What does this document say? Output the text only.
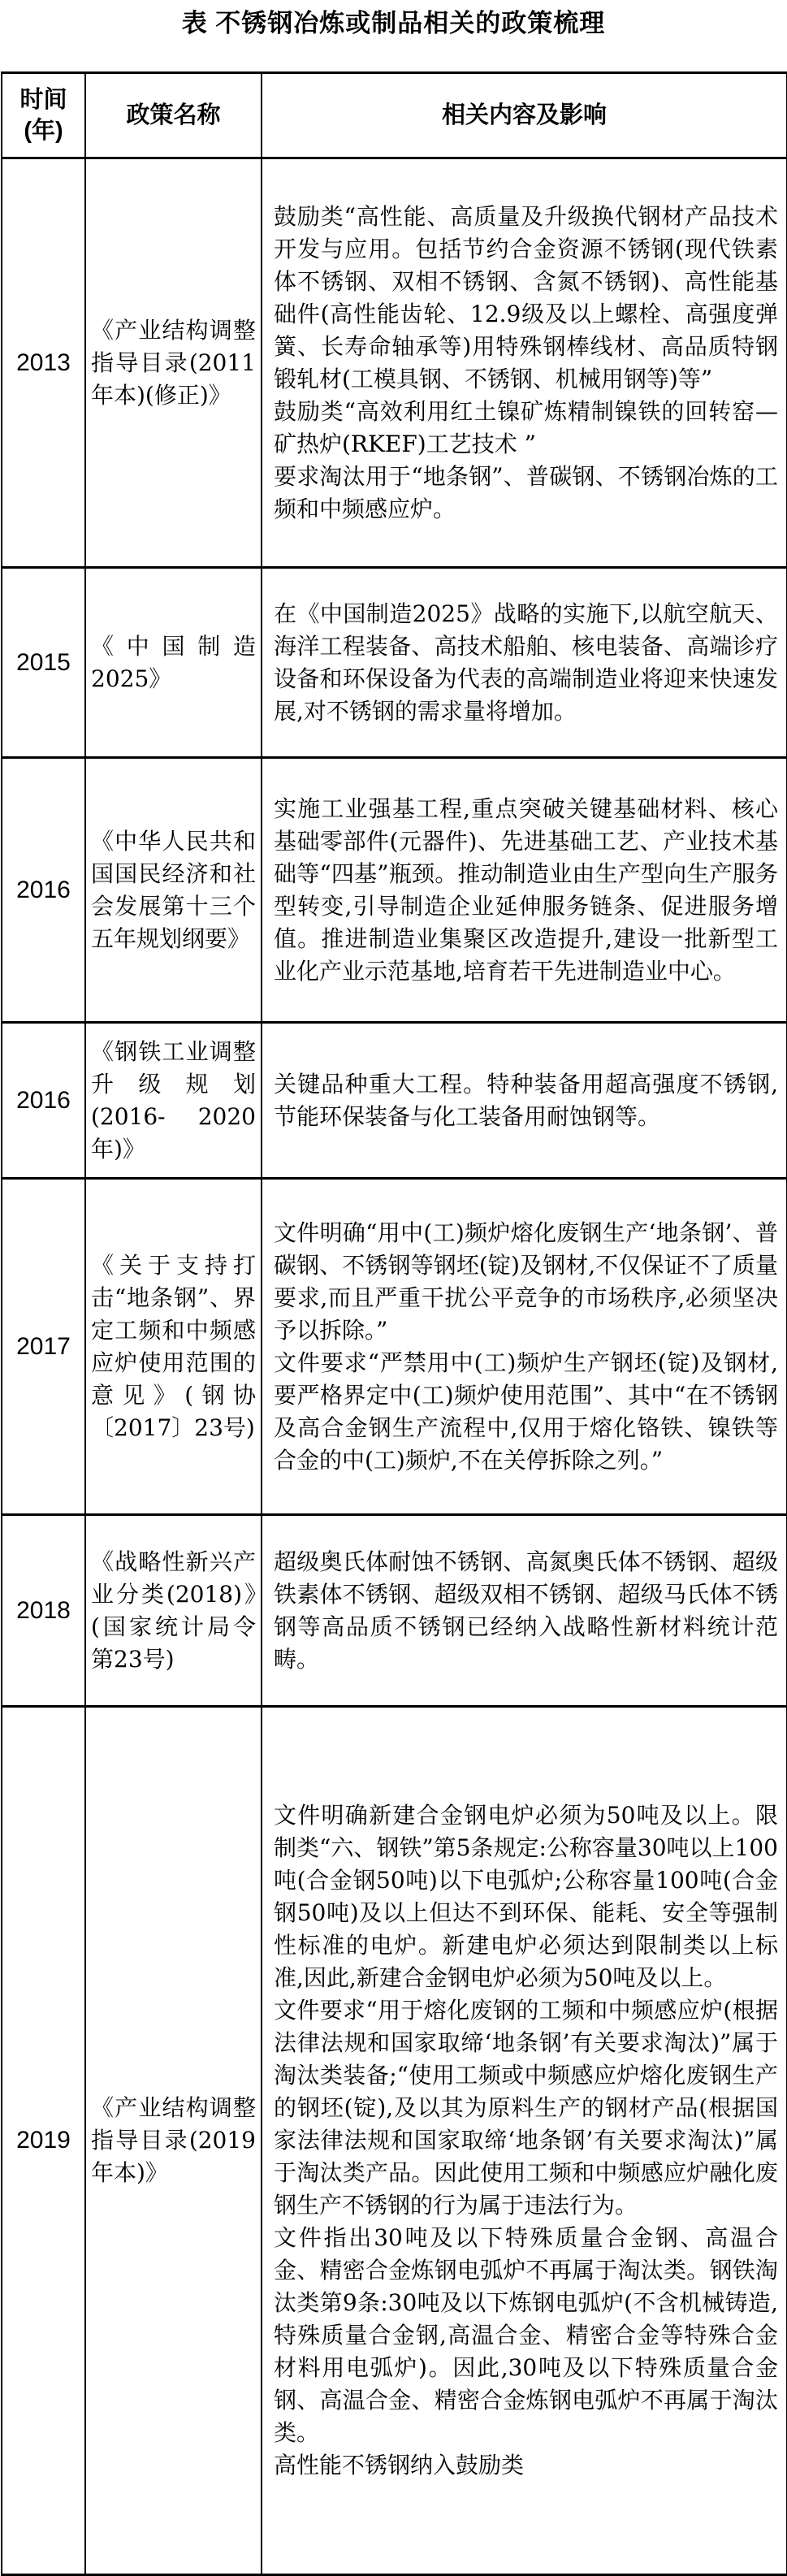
表 不锈钢冶炼或制品相关的政策梳理
时间
(年)	政策名称	相关内容及影响
2013	《产业结构调整指导目录(2011 年本)(修正)》	鼓励类“高性能、高质量及升级换代钢材产品技术开发与应用。包括节约合金资源不锈钢(现代铁素体不锈钢、双相不锈钢、含氮不锈钢)、高性能基础件(高性能齿轮、12.9级及以上螺栓、高强度弹簧、长寿命轴承等)用特殊钢棒线材、高品质特钢锻轧材(工模具钢、不锈钢、机械用钢等)等”

鼓励类“高效利用红土镍矿炼精制镍铁的回转窑—矿热炉(RKEF)工艺技术 ”

要求淘汰用于“地条钢”、普碳钢、不锈钢冶炼的工频和中频感应炉。

2015	《中国制造2025》	在《中国制造2025》战略的实施下,以航空航天、海洋工程装备、高技术船舶、核电装备、高端诊疗设备和环保设备为代表的高端制造业将迎来快速发展,对不锈钢的需求量将增加。

2016	《中华人民共和国国民经济和社会发展第十三个五年规划纲要》	实施工业强基工程,重点突破关键基础材料、核心基础零部件(元器件)、先进基础工艺、产业技术基础等“四基”瓶颈。推动制造业由生产型向生产服务型转变,引导制造企业延伸服务链条、促进服务增值。推进制造业集聚区改造提升,建设一批新型工业化产业示范基地,培育若干先进制造业中心。

2016	《钢铁工业调整升级规划(2016- 2020年)》	关键品种重大工程。特种装备用超高强度不锈钢,节能环保装备与化工装备用耐蚀钢等。

2017	《关于支持打击“地条钢”、界定工频和中频感应炉使用范围的意见》(钢协〔2017〕23号)	文件明确“用中(工)频炉熔化废钢生产‘地条钢’、普碳钢、不锈钢等钢坯(锭)及钢材,不仅保证不了质量要求,而且严重干扰公平竞争的市场秩序,必须坚决予以拆除。”

文件要求“严禁用中(工)频炉生产钢坯(锭)及钢材,要严格界定中(工)频炉使用范围”、其中“在不锈钢及高合金钢生产流程中,仅用于熔化铬铁、镍铁等合金的中(工)频炉,不在关停拆除之列。”

2018	《战略性新兴产业分类(2018)》(国家统计局令第23号)	超级奥氏体耐蚀不锈钢、高氮奥氏体不锈钢、超级铁素体不锈钢、超级双相不锈钢、超级马氏体不锈钢等高品质不锈钢已经纳入战略性新材料统计范畴。

2019	《产业结构调整指导目录(2019年本)》	文件明确新建合金钢电炉必须为50吨及以上。限制类“六、钢铁”第5条规定:公称容量30吨以上100吨(合金钢50吨)以下电弧炉;公称容量100吨(合金钢50吨)及以上但达不到环保、能耗、安全等强制性标准的电炉。新建电炉必须达到限制类以上标准,因此,新建合金钢电炉必须为50吨及以上。

文件要求“用于熔化废钢的工频和中频感应炉(根据法律法规和国家取缔‘地条钢’有关要求淘汰)”属于淘汰类装备;“使用工频或中频感应炉熔化废钢生产的钢坯(锭),及以其为原料生产的钢材产品(根据国家法律法规和国家取缔‘地条钢’有关要求淘汰)”属于淘汰类产品。因此使用工频和中频感应炉融化废钢生产不锈钢的行为属于违法行为。

文件指出30吨及以下特殊质量合金钢、高温合金、精密合金炼钢电弧炉不再属于淘汰类。钢铁淘汰类第9条:30吨及以下炼钢电弧炉(不含机械铸造,特殊质量合金钢,高温合金、精密合金等特殊合金材料用电弧炉)。因此,30吨及以下特殊质量合金钢、高温合金、精密合金炼钢电弧炉不再属于淘汰类。

高性能不锈钢纳入鼓励类
